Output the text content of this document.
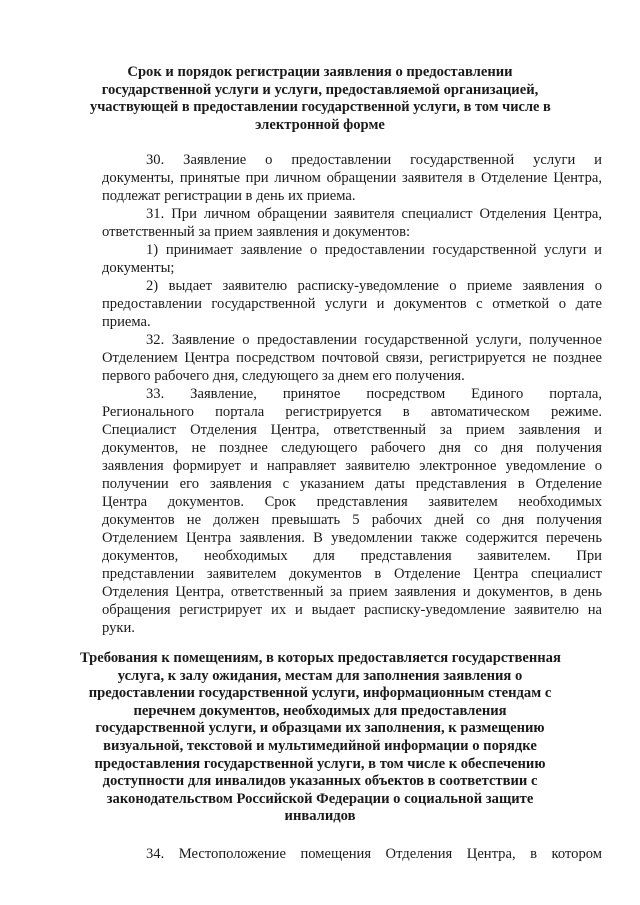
Срок и порядок регистрации заявления о предоставлении
государственной услуги и услуги, предоставляемой организацией,
участвующей в предоставлении государственной услуги, в том числе в
электронной форме
30. Заявление о предоставлении государственной услуги и
документы, принятые при личном обращении заявителя в Отделение Центра,
подлежат регистрации в день их приема.
31. При личном обращении заявителя специалист Отделения Центра,
ответственный за прием заявления и документов:
1) принимает заявление о предоставлении государственной услуги и
документы;
2) выдает заявителю расписку-уведомление о приеме заявления о
предоставлении государственной услуги и документов с отметкой о дате
приема.
32. Заявление о предоставлении государственной услуги, полученное
Отделением Центра посредством почтовой связи, регистрируется не позднее
первого рабочего дня, следующего за днем его получения.
33. Заявление, принятое посредством Единого портала,
Регионального портала регистрируется в автоматическом режиме.
Специалист Отделения Центра, ответственный за прием заявления и
документов, не позднее следующего рабочего дня со дня получения
заявления формирует и направляет заявителю электронное уведомление о
получении его заявления с указанием даты представления в Отделение
Центра документов. Срок представления заявителем необходимых
документов не должен превышать 5 рабочих дней со дня получения
Отделением Центра заявления. В уведомлении также содержится перечень
документов, необходимых для представления заявителем. При
представлении заявителем документов в Отделение Центра специалист
Отделения Центра, ответственный за прием заявления и документов, в день
обращения регистрирует их и выдает расписку-уведомление заявителю на
руки.
Требования к помещениям, в которых предоставляется государственная
услуга, к залу ожидания, местам для заполнения заявления о
предоставлении государственной услуги, информационным стендам с
перечнем документов, необходимых для предоставления
государственной услуги, и образцами их заполнения, к размещению
визуальной, текстовой и мультимедийной информации о порядке
предоставления государственной услуги, в том числе к обеспечению
доступности для инвалидов указанных объектов в соответствии с
законодательством Российской Федерации о социальной защите
инвалидов
34. Местоположение помещения Отделения Центра, в котором
